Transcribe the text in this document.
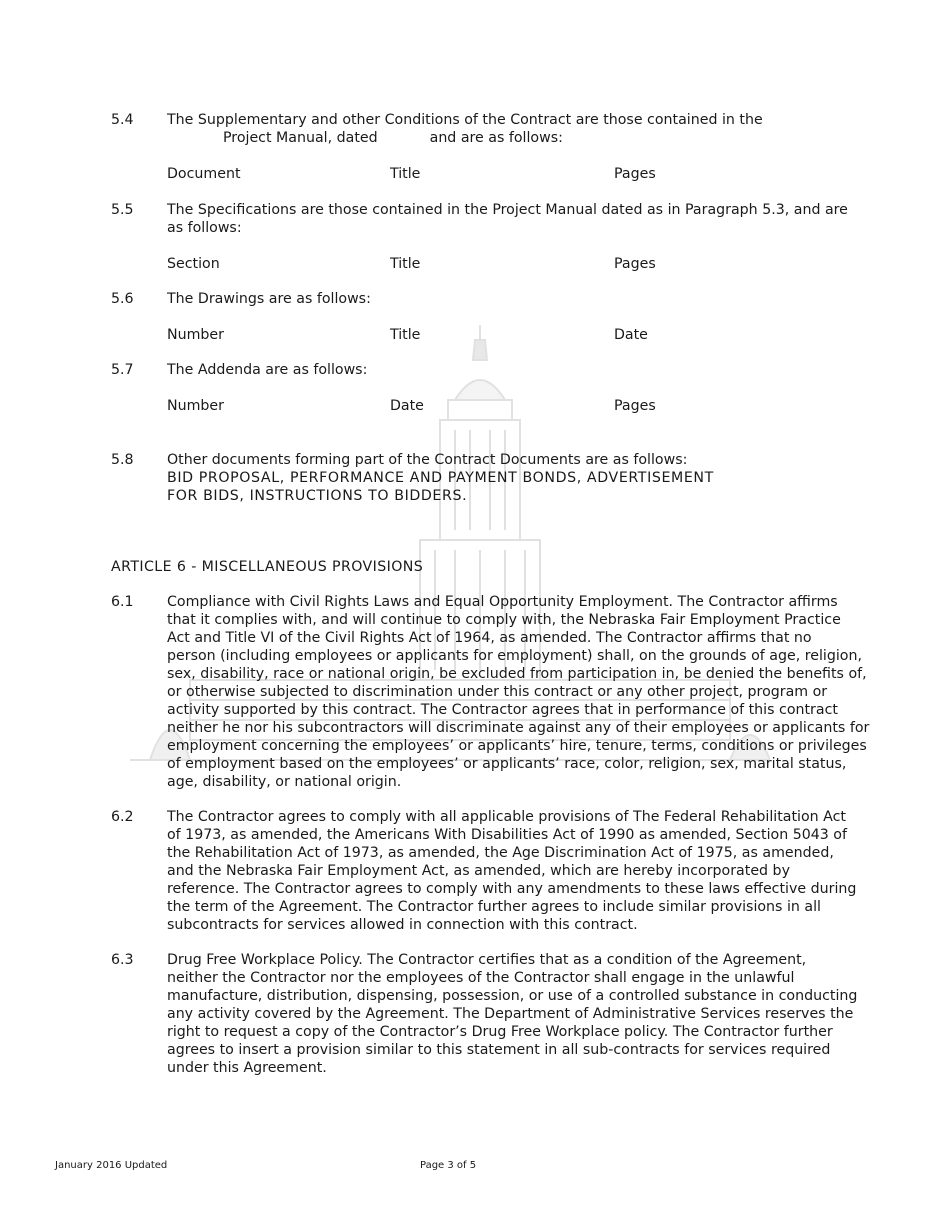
5.4 The Supplementary and other Conditions of the Contract are those contained in the
Project Manual, dated	and are as follows:
Document	Title	Pages
5.5 The Specifications are those contained in the Project Manual dated as in Paragraph 5.3, and are
as follows:
Section	Title	Pages
5.6 The Drawings are as follows:
Number	Title	Date
5.7 The Addenda are as follows:
Number	Date	Pages
5.8 Other documents forming part of the Contract Documents are as follows:
BID PROPOSAL, PERFORMANCE AND PAYMENT BONDS, ADVERTISEMENT
FOR BIDS, INSTRUCTIONS TO BIDDERS.
ARTICLE 6 - MISCELLANEOUS PROVISIONS
6.1 Compliance with Civil Rights Laws and Equal Opportunity Employment. The Contractor affirms
that it complies with, and will continue to comply with, the Nebraska Fair Employment Practice
Act and Title VI of the Civil Rights Act of 1964, as amended. The Contractor affirms that no
person (including employees or applicants for employment) shall, on the grounds of age, religion,
sex, disability, race or national origin, be excluded from participation in, be denied the benefits of,
or otherwise subjected to discrimination under this contract or any other project, program or
activity supported by this contract. The Contractor agrees that in performance of this contract
neither he nor his subcontractors will discriminate against any of their employees or applicants for
employment concerning the employees’ or applicants’ hire, tenure, terms, conditions or privileges
of employment based on the employees’ or applicants’ race, color, religion, sex, marital status,
age, disability, or national origin.
6.2 The Contractor agrees to comply with all applicable provisions of The Federal Rehabilitation Act
of 1973, as amended, the Americans With Disabilities Act of 1990 as amended, Section 5043 of
the Rehabilitation Act of 1973, as amended, the Age Discrimination Act of 1975, as amended,
and the Nebraska Fair Employment Act, as amended, which are hereby incorporated by
reference. The Contractor agrees to comply with any amendments to these laws effective during
the term of the Agreement. The Contractor further agrees to include similar provisions in all
subcontracts for services allowed in connection with this contract.
6.3 Drug Free Workplace Policy. The Contractor certifies that as a condition of the Agreement,
neither the Contractor nor the employees of the Contractor shall engage in the unlawful
manufacture, distribution, dispensing, possession, or use of a controlled substance in conducting
any activity covered by the Agreement. The Department of Administrative Services reserves the
right to request a copy of the Contractor’s Drug Free Workplace policy. The Contractor further
agrees to insert a provision similar to this statement in all sub-contracts for services required
under this Agreement.
January 2016 Updated	Page 3 of 5
